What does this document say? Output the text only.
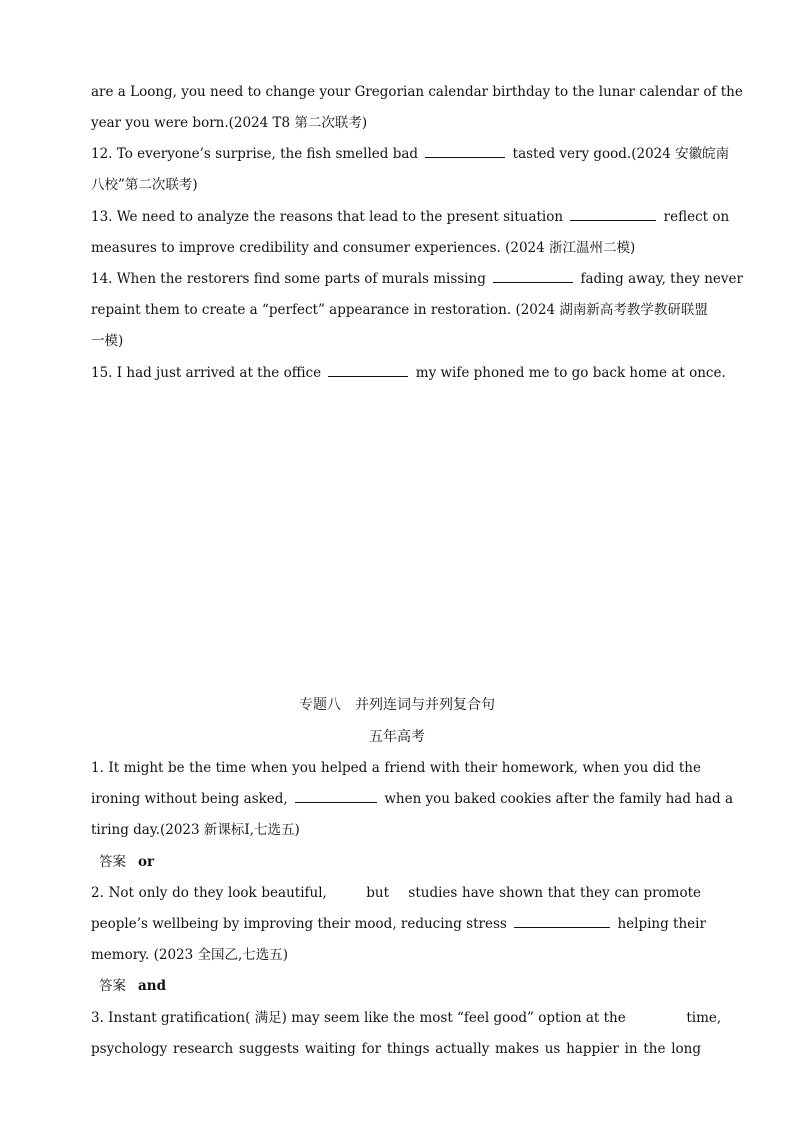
are a Loong, you need to change your Gregorian calendar birthday to the lunar calendar of the
year you were born.(2024 T8 第二次联考)
12. To everyone’s surprise, the fish smelled bad	tasted very good.(2024 安徽皖南
八校”第二次联考)
13. We need to analyze the reasons that lead to the present situation	reflect on
measures to improve credibility and consumer experiences. (2024 浙江温州二模)
14. When the restorers find some parts of murals missing	fading away, they never
repaint them to create a “perfect” appearance in restoration. (2024 湖南新高考教学教研联盟
一模)
15. I had just arrived at the office	my wife phoned me to go back home at once.
专题八　并列连词与并列复合句
五年高考
1. It might be the time when you helped a friend with their homework, when you did the
ironing without being asked,	when you baked cookies after the family had had a
tiring day.(2023 新课标Ⅰ,七选五)
答案 or
2. Not only do they look beautiful,	but studies have shown that they can promote
people’s wellbeing by improving their mood, reducing stress	helping their
memory. (2023 全国乙,七选五)
答案 and
3. Instant gratification( 满足) may seem like the most “feel good” option at the	time,
psychology research suggests waiting for things actually makes us happier in the long
